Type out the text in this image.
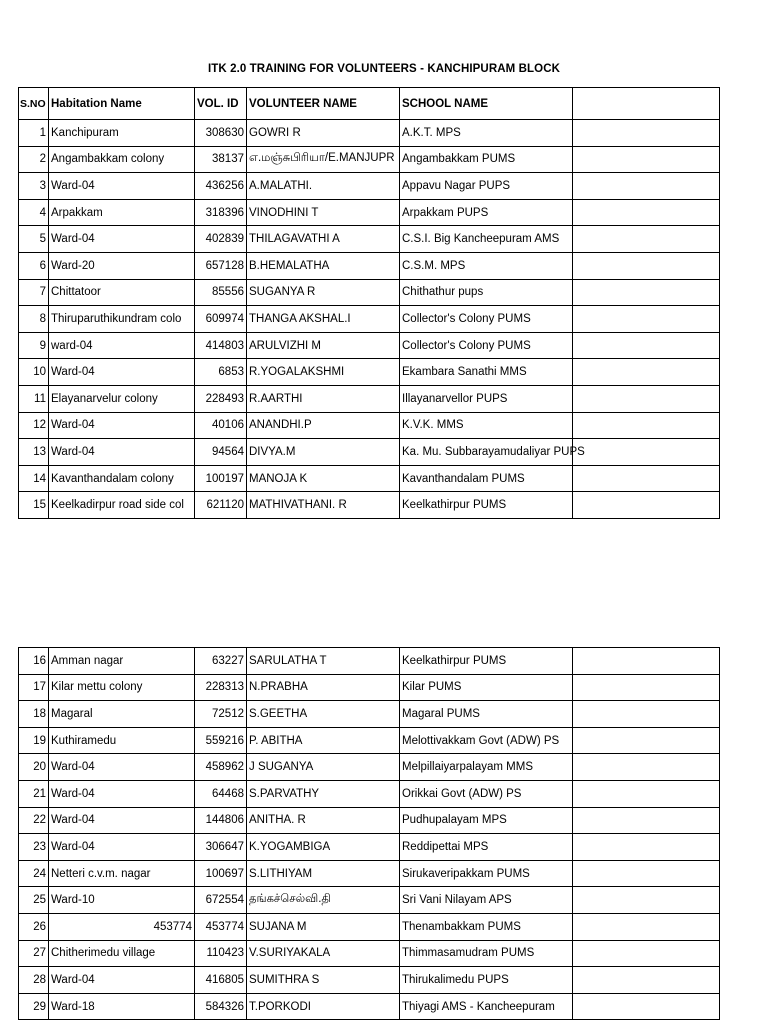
ITK 2.0 TRAINING FOR VOLUNTEERS - KANCHIPURAM BLOCK
S.NO	Habitation Name	VOL. ID	VOLUNTEER NAME	SCHOOL NAME	
1	Kanchipuram	308630	GOWRI R	A.K.T. MPS	
2	Angambakkam colony	38137	எ.மஞ்சுபிரியா/E.MANJUPR	Angambakkam PUMS	
3	Ward-04	436256	A.MALATHI.	Appavu Nagar PUPS	
4	Arpakkam	318396	VINODHINI T	Arpakkam PUPS	
5	Ward-04	402839	THILAGAVATHI A	C.S.I. Big Kancheepuram AMS	
6	Ward-20	657128	B.HEMALATHA	C.S.M. MPS	
7	Chittatoor	85556	SUGANYA R	Chithathur pups	
8	Thiruparuthikundram colo	609974	THANGA AKSHAL.I	Collector's Colony PUMS	
9	ward-04	414803	ARULVIZHI M	Collector's Colony PUMS	
10	Ward-04	6853	R.YOGALAKSHMI	Ekambara Sanathi MMS	
11	Elayanarvelur colony	228493	R.AARTHI	Illayanarvellor PUPS	
12	Ward-04	40106	ANANDHI.P	K.V.K. MMS	
13	Ward-04	94564	DIVYA.M	Ka. Mu. Subbarayamudaliyar PUPS	
14	Kavanthandalam colony	100197	MANOJA K	Kavanthandalam PUMS	
15	Keelkadirpur road side col	621120	MATHIVATHANI. R	Keelkathirpur PUMS	
16	Amman nagar	63227	SARULATHA T	Keelkathirpur PUMS	
17	Kilar mettu colony	228313	N.PRABHA	Kilar PUMS	
18	Magaral	72512	S.GEETHA	Magaral PUMS	
19	Kuthiramedu	559216	P. ABITHA	Melottivakkam Govt (ADW) PS	
20	Ward-04	458962	J SUGANYA	Melpillaiyarpalayam MMS	
21	Ward-04	64468	S.PARVATHY	Orikkai Govt (ADW) PS	
22	Ward-04	144806	ANITHA. R	Pudhupalayam MPS	
23	Ward-04	306647	K.YOGAMBIGA	Reddipettai MPS	
24	Netteri c.v.m. nagar	100697	S.LITHIYAM	Sirukaveripakkam PUMS	
25	Ward-10	672554	தங்கச்செல்வி.தி	Sri Vani Nilayam APS	
26	453774	453774	SUJANA M	Thenambakkam PUMS	
27	Chitherimedu village	110423	V.SURIYAKALA	Thimmasamudram PUMS	
28	Ward-04	416805	SUMITHRA S	Thirukalimedu PUPS	
29	Ward-18	584326	T.PORKODI	Thiyagi AMS - Kancheepuram	
